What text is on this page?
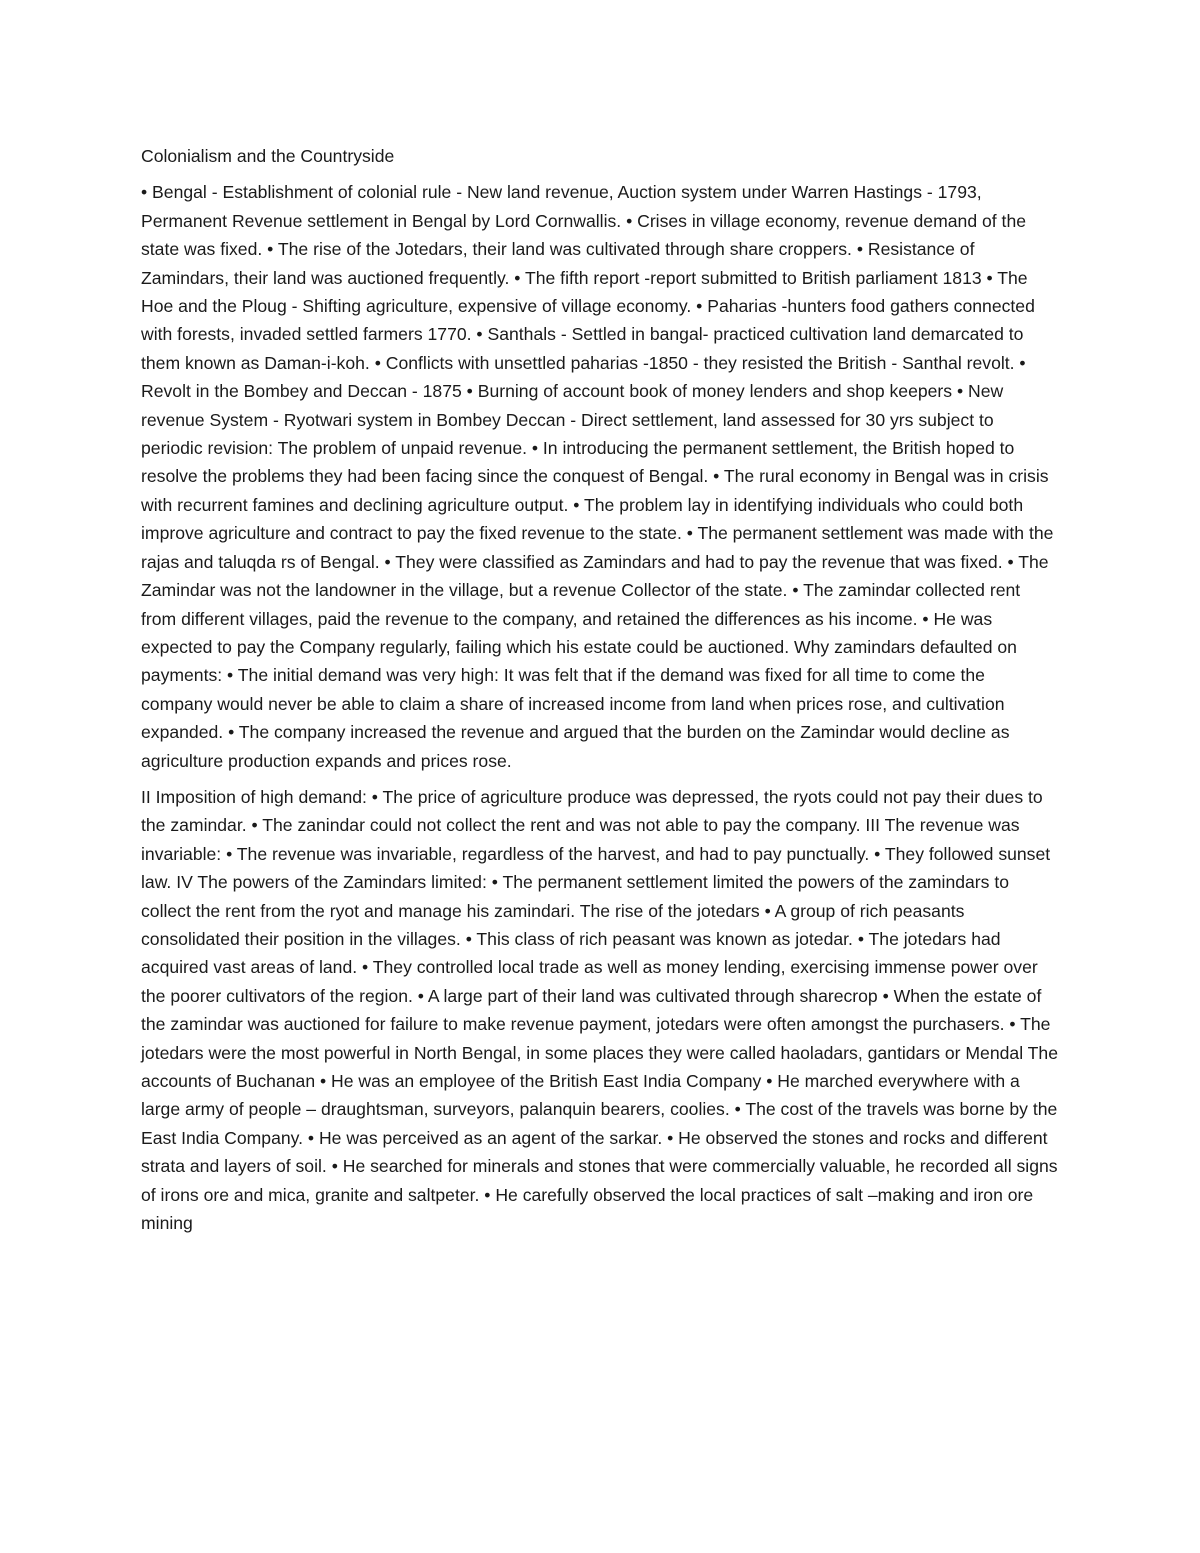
Colonialism and the Countryside

• Bengal - Establishment of colonial rule - New land revenue, Auction system under Warren Hastings - 1793, Permanent Revenue settlement in Bengal by Lord Cornwallis. • Crises in village economy, revenue demand of the state was fixed. • The rise of the Jotedars, their land was cultivated through share croppers. • Resistance of Zamindars, their land was auctioned frequently. • The fifth report -report submitted to British parliament 1813 • The Hoe and the Ploug - Shifting agriculture, expensive of village economy. • Paharias -hunters food gathers connected with forests, invaded settled farmers 1770. • Santhals - Settled in bangal- practiced cultivation land demarcated to them known as Daman-i-koh. • Conflicts with unsettled paharias -1850 - they resisted the British - Santhal revolt. • Revolt in the Bombey and Deccan - 1875 • Burning of account book of money lenders and shop keepers • New revenue System - Ryotwari system in Bombey Deccan - Direct settlement, land assessed for 30 yrs subject to periodic revision: The problem of unpaid revenue. • In introducing the permanent settlement, the British hoped to resolve the problems they had been facing since the conquest of Bengal. • The rural economy in Bengal was in crisis with recurrent famines and declining agriculture output. • The problem lay in identifying individuals who could both improve agriculture and contract to pay the fixed revenue to the state. • The permanent settlement was made with the rajas and taluqda rs of Bengal. • They were classified as Zamindars and had to pay the revenue that was fixed. • The Zamindar was not the landowner in the village, but a revenue Collector of the state. • The zamindar collected rent from different villages, paid the revenue to the company, and retained the differences as his income. • He was expected to pay the Company regularly, failing which his estate could be auctioned. Why zamindars defaulted on payments: • The initial demand was very high: It was felt that if the demand was fixed for all time to come the company would never be able to claim a share of increased income from land when prices rose, and cultivation expanded. • The company increased the revenue and argued that the burden on the Zamindar would decline as agriculture production expands and prices rose.

II Imposition of high demand: • The price of agriculture produce was depressed, the ryots could not pay their dues to the zamindar. • The zanindar could not collect the rent and was not able to pay the company. III The revenue was invariable: • The revenue was invariable, regardless of the harvest, and had to pay punctually. • They followed sunset law. IV The powers of the Zamindars limited: • The permanent settlement limited the powers of the zamindars to collect the rent from the ryot and manage his zamindari. The rise of the jotedars • A group of rich peasants consolidated their position in the villages. • This class of rich peasant was known as jotedar. • The jotedars had acquired vast areas of land. • They controlled local trade as well as money lending, exercising immense power over the poorer cultivators of the region. • A large part of their land was cultivated through sharecrop • When the estate of the zamindar was auctioned for failure to make revenue payment, jotedars were often amongst the purchasers. • The jotedars were the most powerful in North Bengal, in some places they were called haoladars, gantidars or Mendal The accounts of Buchanan • He was an employee of the British East India Company • He marched everywhere with a large army of people – draughtsman, surveyors, palanquin bearers, coolies. • The cost of the travels was borne by the East India Company. • He was perceived as an agent of the sarkar. • He observed the stones and rocks and different strata and layers of soil. • He searched for minerals and stones that were commercially valuable, he recorded all signs of irons ore and mica, granite and saltpeter. • He carefully observed the local practices of salt –making and iron ore mining
